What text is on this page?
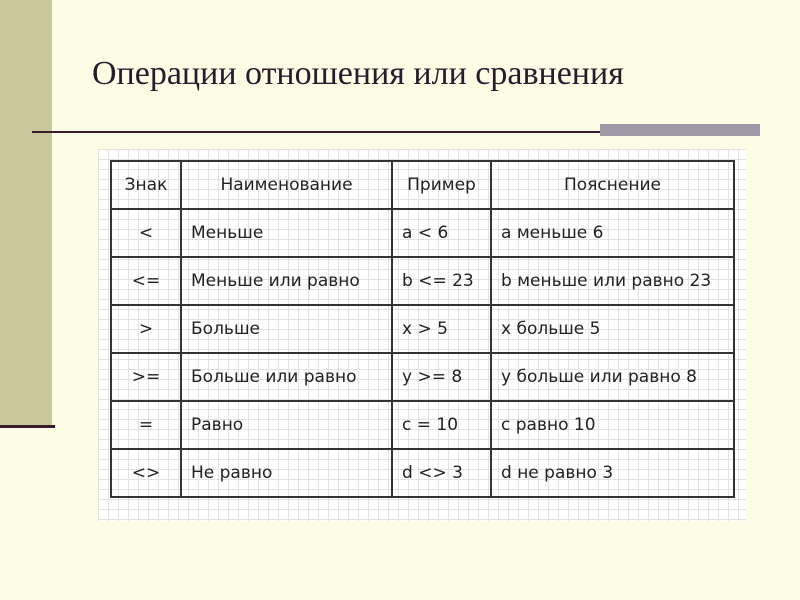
Операции отношения или сравнения
Знак	Наименование	Пример	Пояснение
<	Меньше	a < 6	a меньше 6
<=	Меньше или равно	b <= 23	b меньше или равно 23
>	Больше	x > 5	x больше 5
>=	Больше или равно	y >= 8	y больше или равно 8
=	Равно	c = 10	c равно 10
<>	Не равно	d <> 3	d не равно 3
